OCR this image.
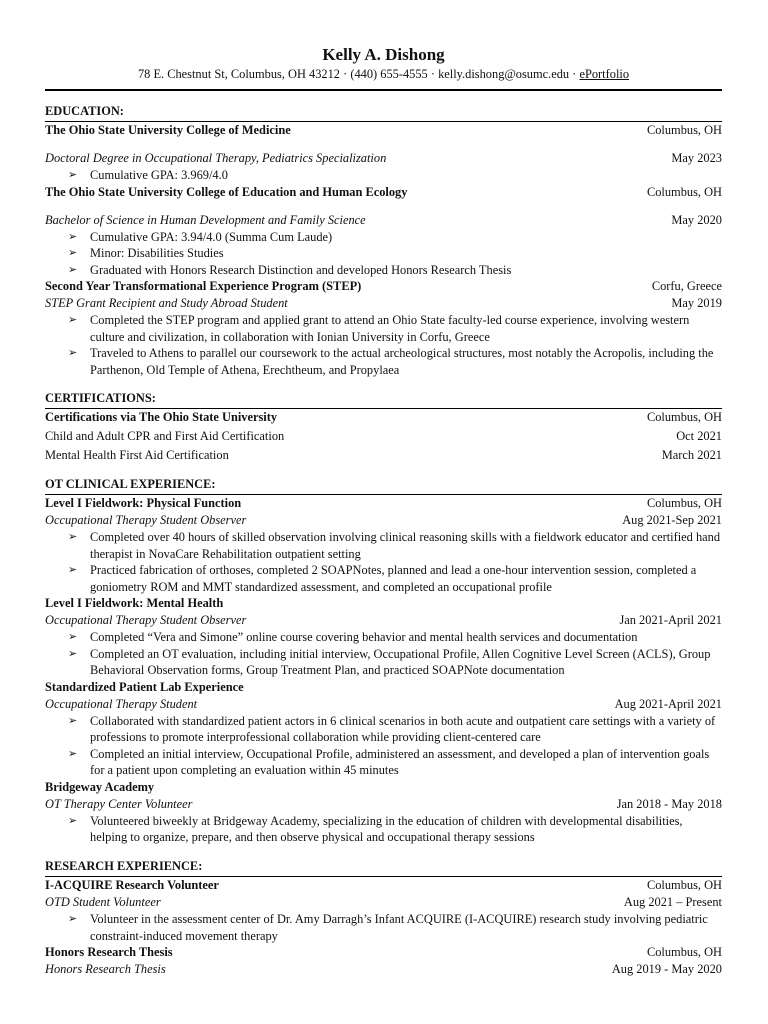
Kelly A. Dishong
78 E. Chestnut St, Columbus, OH 43212 · (440) 655-4555 · kelly.dishong@osumc.edu · ePortfolio
EDUCATION:
The Ohio State University College of Medicine	Columbus, OH
Doctoral Degree in Occupational Therapy, Pediatrics Specialization	May 2023
➢ Cumulative GPA: 3.969/4.0
The Ohio State University College of Education and Human Ecology	Columbus, OH
Bachelor of Science in Human Development and Family Science	May 2020
➢ Cumulative GPA: 3.94/4.0 (Summa Cum Laude)
➢ Minor: Disabilities Studies
➢ Graduated with Honors Research Distinction and developed Honors Research Thesis
Second Year Transformational Experience Program (STEP)	Corfu, Greece
STEP Grant Recipient and Study Abroad Student	May 2019
➢ Completed the STEP program and applied grant to attend an Ohio State faculty-led course experience, involving western culture and civilization, in collaboration with Ionian University in Corfu, Greece
➢ Traveled to Athens to parallel our coursework to the actual archeological structures, most notably the Acropolis, including the Parthenon, Old Temple of Athena, Erechtheum, and Propylaea
CERTIFICATIONS:
Certifications via The Ohio State University	Columbus, OH
Child and Adult CPR and First Aid Certification	Oct 2021
Mental Health First Aid Certification	March 2021
OT CLINICAL EXPERIENCE:
Level I Fieldwork: Physical Function	Columbus, OH
Occupational Therapy Student Observer	Aug 2021-Sep 2021
➢ Completed over 40 hours of skilled observation involving clinical reasoning skills with a fieldwork educator and certified hand therapist in NovaCare Rehabilitation outpatient setting
➢ Practiced fabrication of orthoses, completed 2 SOAPNotes, planned and lead a one-hour intervention session, completed a goniometry ROM and MMT standardized assessment, and completed an occupational profile
Level I Fieldwork: Mental Health
Occupational Therapy Student Observer	Jan 2021-April 2021
➢ Completed “Vera and Simone” online course covering behavior and mental health services and documentation
➢ Completed an OT evaluation, including initial interview, Occupational Profile, Allen Cognitive Level Screen (ACLS), Group Behavioral Observation forms, Group Treatment Plan, and practiced SOAPNote documentation
Standardized Patient Lab Experience
Occupational Therapy Student	Aug 2021-April 2021
➢ Collaborated with standardized patient actors in 6 clinical scenarios in both acute and outpatient care settings with a variety of professions to promote interprofessional collaboration while providing client-centered care
➢ Completed an initial interview, Occupational Profile, administered an assessment, and developed a plan of intervention goals for a patient upon completing an evaluation within 45 minutes
Bridgeway Academy
OT Therapy Center Volunteer	Jan 2018 - May 2018
➢ Volunteered biweekly at Bridgeway Academy, specializing in the education of children with developmental disabilities, helping to organize, prepare, and then observe physical and occupational therapy sessions
RESEARCH EXPERIENCE:
I-ACQUIRE Research Volunteer	Columbus, OH
OTD Student Volunteer	Aug 2021 – Present
➢ Volunteer in the assessment center of Dr. Amy Darragh’s Infant ACQUIRE (I-ACQUIRE) research study involving pediatric constraint-induced movement therapy
Honors Research Thesis	Columbus, OH
Honors Research Thesis	Aug 2019 - May 2020
